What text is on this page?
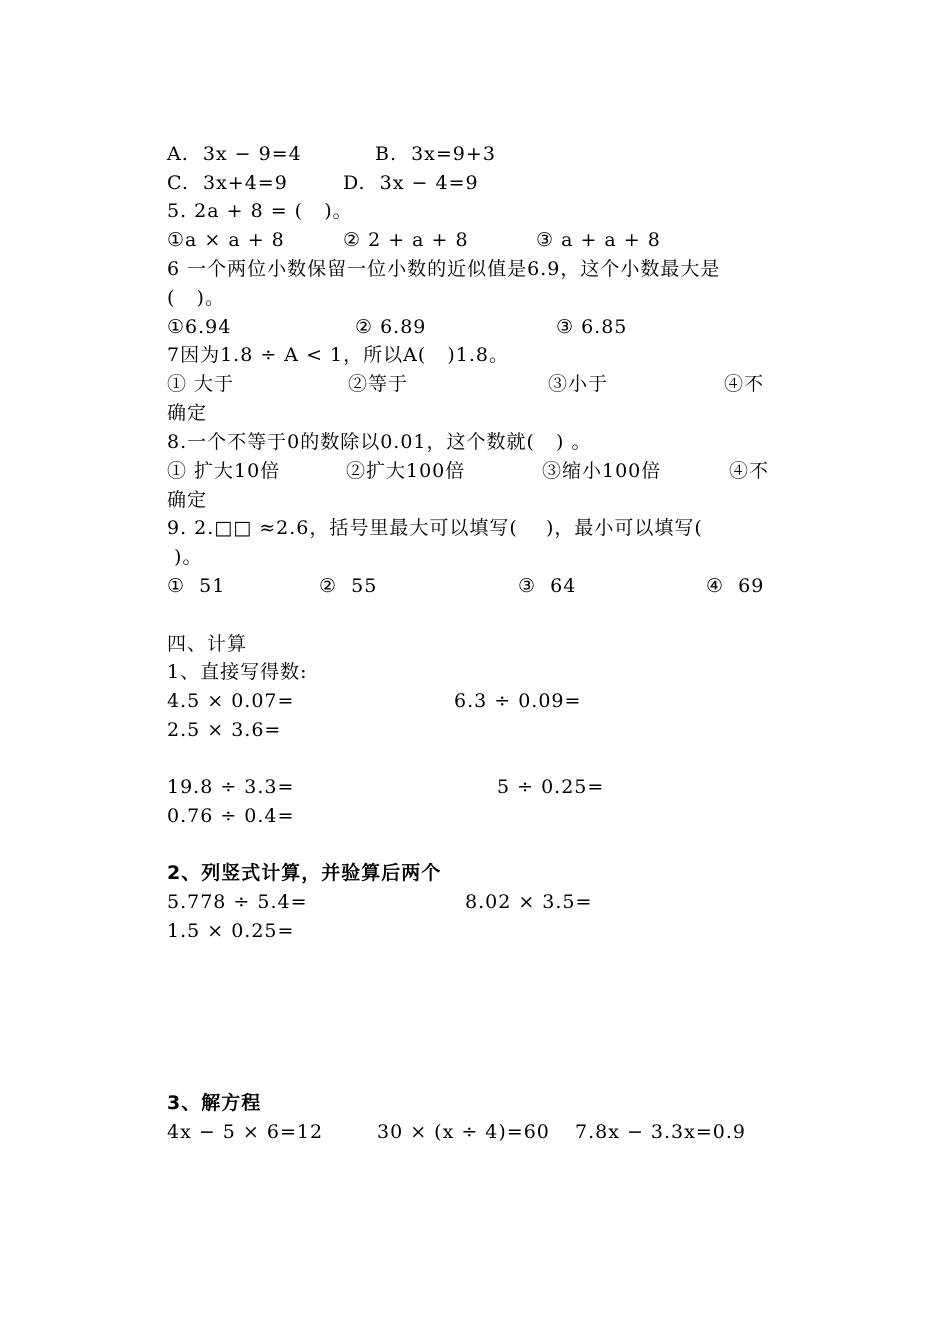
A.  3x − 9=4	B.  3x=9+3
C.  3x+4=9	D.  3x − 4=9
5. 2a + 8 = (   )。
①a × a + 8	② 2 + a + 8	③ a + a + 8
6 一个两位小数保留一位小数的近似值是6.9，这个小数最大是
(   )。
①6.94	② 6.89	③ 6.85
7因为1.8 ÷ A < 1，所以A(   )1.8。
① 大于	②等于	③小于	④不
确定
8.一个不等于0的数除以0.01，这个数就(   ) 。
① 扩大10倍	②扩大100倍	③缩小100倍	④不
确定
9. 2.□□ ≈2.6，括号里最大可以填写(    )，最小可以填写(
)。
①  51	②  55	③  64	④  69
四、计算
1、直接写得数:
4.5 × 0.07=	6.3 ÷ 0.09=
2.5 × 3.6=
19.8 ÷ 3.3=	5 ÷ 0.25=
0.76 ÷ 0.4=
2、列竖式计算，并验算后两个
5.778 ÷ 5.4=	8.02 × 3.5=
1.5 × 0.25=
3、解方程
4x − 5 × 6=12	30 × (x ÷ 4)=60 7.8x − 3.3x=0.9
